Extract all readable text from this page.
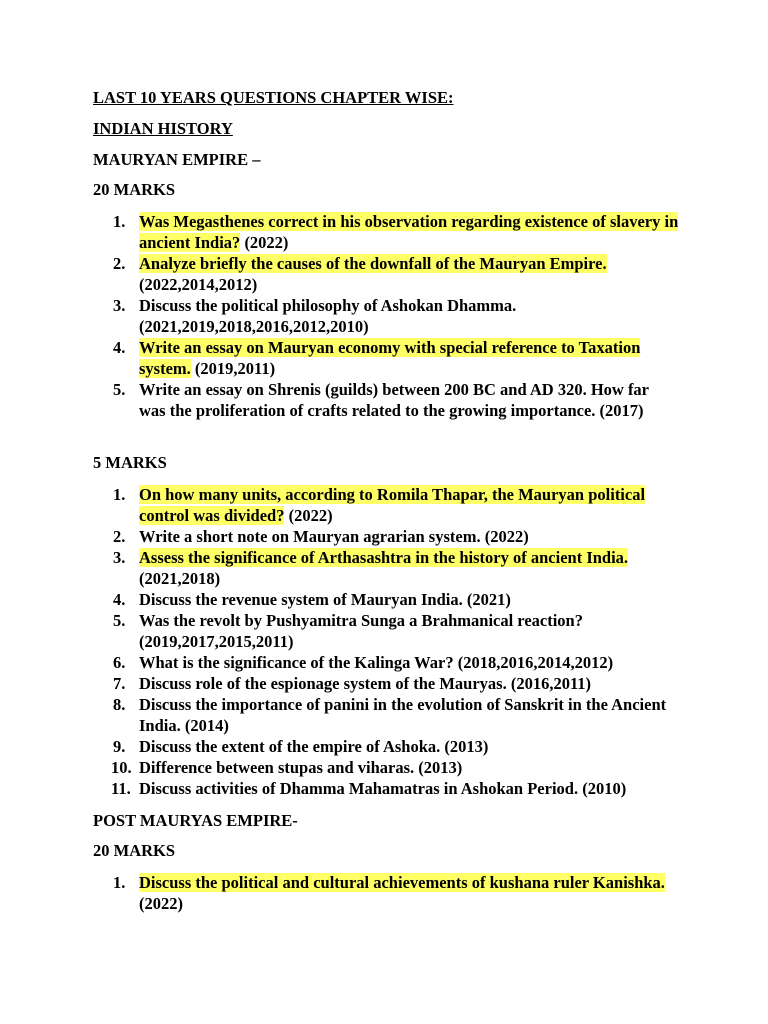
LAST 10 YEARS QUESTIONS CHAPTER WISE:

INDIAN HISTORY

MAURYAN EMPIRE –

20 MARKS

1. Was Megasthenes correct in his observation regarding existence of slavery in ancient India? (2022)
2. Analyze briefly the causes of the downfall of the Mauryan Empire. (2022,2014,2012)
3. Discuss the political philosophy of Ashokan Dhamma. (2021,2019,2018,2016,2012,2010)
4. Write an essay on Mauryan economy with special reference to Taxation system. (2019,2011)
5. Write an essay on Shrenis (guilds) between 200 BC and AD 320. How far was the proliferation of crafts related to the growing importance. (2017)

5 MARKS

1. On how many units, according to Romila Thapar, the Mauryan political control was divided? (2022)
2. Write a short note on Mauryan agrarian system. (2022)
3. Assess the significance of Arthasashtra in the history of ancient India. (2021,2018)
4. Discuss the revenue system of Mauryan India. (2021)
5. Was the revolt by Pushyamitra Sunga a Brahmanical reaction? (2019,2017,2015,2011)
6. What is the significance of the Kalinga War? (2018,2016,2014,2012)
7. Discuss role of the espionage system of the Mauryas. (2016,2011)
8. Discuss the importance of panini in the evolution of Sanskrit in the Ancient India. (2014)
9. Discuss the extent of the empire of Ashoka. (2013)
10. Difference between stupas and viharas. (2013)
11. Discuss activities of Dhamma Mahamatras in Ashokan Period. (2010)

POST MAURYAS EMPIRE-

20 MARKS

1. Discuss the political and cultural achievements of kushana ruler Kanishka. (2022)
